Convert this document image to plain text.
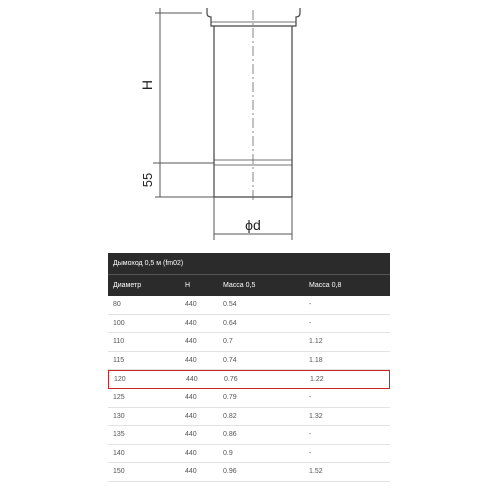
H
55
ϕd
Дымоход 0,5 м (fm02)
Диаметр	H	Масса 0,5	Масса 0,8
80	440	0.54	-
100	440	0.64	-
110	440	0.7	1.12
115	440	0.74	1.18
120	440	0.76	1.22
125	440	0.79	-
130	440	0.82	1.32
135	440	0.86	-
140	440	0.9	-
150	440	0.96	1.52
